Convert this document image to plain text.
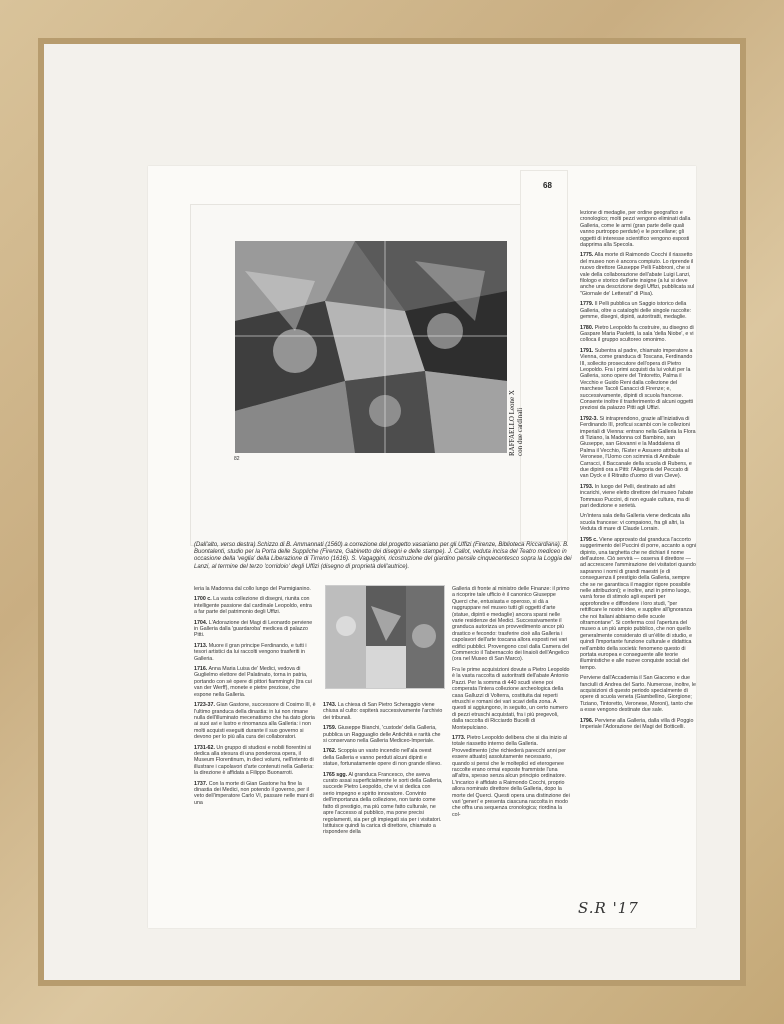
68
RAFFAELLO Leone X con due cardinali
82
(Dall'alto, verso destra) Schizzo di B. Ammannati (1560) a correzione del progetto vasariano per gli Uffizi (Firenze, Biblioteca Riccardiana). B. Buontalenti, studio per la Porta delle Suppliche (Firenze, Gabinetto dei disegni e delle stampe). J. Callot, veduta incisa del Teatro mediceo in occasione della 'veglia' della Liberazione di Tirreno (1616). S. Vagaggini, ricostruzione del giardino pensile cinquecentesco sopra la Loggia dei Lanzi, al termine del terzo 'corridoio' degli Uffizi (disegno di proprietà dell'autrice).

leria la Madonna dal collo lungo del Parmigianino.

1700 c. La vasta collezione di disegni, riunita con intelligente passione dal cardinale Leopoldo, entra a far parte del patrimonio degli Uffizi.

1704. L'Adorazione dei Magi di Leonardo perviene in Galleria dalla 'guardaroba' medicea di palazzo Pitti.

1713. Muore il gran principe Ferdinando, e tutti i tesori artistici da lui raccolti vengono trasferiti in Galleria.

1716. Anna Maria Luisa de' Medici, vedova di Guglielmo elettore del Palatinato, torna in patria, portando con sé opere di pittori fiamminghi (tra cui van der Werff), monete e pietre preziose, che espone nella Galleria.

1723-37. Gian Gastone, successore di Cosimo III, è l'ultimo granduca della dinastia: in lui non rimane nulla dell'illuminato mecenatismo che ha dato gloria ai suoi avi e lustro e rinomanza alla Galleria: i non molti acquisti eseguiti durante il suo governo si devono per lo più alla cura dei collaboratori.

1731-62. Un gruppo di studiosi e nobili fiorentini si dedica alla stesura di una ponderosa opera, il Museum Florentinum, in dieci volumi, nell'intento di illustrare i capolavori d'arte contenuti nella Galleria: la direzione è affidata a Filippo Buonarroti.

1737. Con la morte di Gian Gastone ha fine la dinastia dei Medici, non potendo il governo, per il veto dell'imperatore Carlo VI, passare nelle mani di una

1743. La chiesa di San Pietro Scheraggio viene chiusa al culto: ospiterà successivamente l'archivio dei tribunali.

1759. Giuseppe Bianchi, 'custode' della Galleria, pubblica un Ragguaglio delle Antichità e rarità che si conservano nella Galleria Mediceo-Imperiale.

1762. Scoppia un vasto incendio nell'ala ovest della Galleria e vanno perduti alcuni dipinti e statue, fortunatamente opere di non grande rilievo.

1765 sgg. Al granduca Francesco, che aveva curato assai superficialmente le sorti della Galleria, succede Pietro Leopoldo, che vi si dedica con serio impegno e spirito innovatore. Convinto dell'importanza della collezione, non tanto come fatto di prestigio, ma più come fatto culturale, ne apre l'accesso al pubblico, ma pone precisi regolamenti, sia per gli impiegati sia per i visitatori. Istituisce quindi la carica di direttore, chiamato a rispondere della

Galleria di fronte al ministro delle Finanze: il primo a ricoprire tale ufficio è il canonico Giuseppe Querci che, entusiasta e operoso, si dà a raggruppare nel museo tutti gli oggetti d'arte (statue, dipinti e medaglie) ancora sparsi nelle varie residenze dei Medici. Successivamente il granduca autorizza un provvedimento ancor più drastico e fecondo: trasferire cioè alla Galleria i capolavori dell'arte toscana allora esposti nei vari edifici pubblici. Provengono così dalla Camera del Commercio il Tabernacolo dei linaioli dell'Angelico (ora nel Museo di San Marco).

Fra le prime acquisizioni dovute a Pietro Leopoldo è la vasta raccolta di autoritratti dell'abate Antonio Pazzi. Per la somma di 440 scudi viene poi comperata l'intera collezione archeologica della casa Galluzzi di Volterra, costituita dai reperti etruschi e romani dei vari scavi della zona. A questi si aggiungono, in seguito, un certo numero di pezzi etruschi acquistati, fra i più pregevoli, dalla raccolta di Ricciardo Bucelli di Montepulciano.

1773. Pietro Leopoldo delibera che si dia inizio al totale riassetto interno della Galleria. Provvedimento (che richiederà parecchi anni per essere attuato) assolutamente necessario, quando si pensi che le molteplici ed eterogenee raccolte erano ormai esposte frammiste l'una all'altra, spesso senza alcun principio ordinatore. L'incarico è affidato a Raimondo Cocchi, proprio allora nominato direttore della Galleria, dopo la morte del Querci. Questi opera una distinzione dei vari 'generi' e presenta ciascuna raccolta in modo che offra una sequenza cronologica; riordina la col-

lezione di medaglie, per ordine geografico e cronologico; molti pezzi vengono eliminati dalla Galleria, come le armi (gran parte delle quali vanno purtroppo perdute) e le porcellane; gli oggetti di interesse scientifico vengono esposti dapprima alla Specola.

1775. Alla morte di Raimondo Cocchi il riassetto del museo non è ancora compiuto. Lo riprende il nuovo direttore Giuseppe Pelli Fabbroni, che si vale della collaborazione dell'abate Luigi Lanzi, filologo e storico dell'arte insigne (a lui si deve anche una descrizione degli Uffizi, pubblicata sul "Giornale de' Letterati" di Pisa).

1779. Il Pelli pubblica un Saggio istorico della Galleria, oltre a cataloghi delle singole raccolte: gemme, disegni, dipinti, autoritratti, medaglie.

1780. Pietro Leopoldo fa costruire, su disegno di Gaspare Maria Paoletti, la sala 'della Niobe', e vi colloca il gruppo scultoreo omonimo.

1791. Subentra al padre, chiamato imperatore a Vienna, come granduca di Toscana, Ferdinando III, sollecito prosecutore dell'opera di Pietro Leopoldo. Fra i primi acquisti da lui voluti per la Galleria, sono opere del Tintoretto, Palma il Vecchio e Guido Reni dalla collezione del marchese Tacoli Canacci di Firenze; e, successivamente, dipinti di scuola francese. Consente inoltre il trasferimento di alcuni oggetti preziosi da palazzo Pitti agli Uffizi.

1792-3. Si intraprendono, grazie all'iniziativa di Ferdinando III, proficui scambi con le collezioni imperiali di Vienna: entrano nella Galleria la Flora di Tiziano, la Madonna col Bambino, san Giuseppe, san Giovanni e la Maddalena di Palma il Vecchio, l'Ester e Assuero attribuita al Veronese, l'Uomo con scimmia di Annibale Carracci, il Baccanale della scuola di Rubens, e due dipinti ora a Pitti: l'Allegoria del Peccato di van Dyck e il Ritratto d'uomo di van Cleve).

1793. In luogo del Pelli, destinato ad altri incarichi, viene eletto direttore del museo l'abate Tommaso Puccini, di non eguale cultura, ma di pari dedizione e serietà.

Un'intera sala della Galleria viene dedicata alla scuola francese: vi compaiono, fra gli altri, la Veduta di mare di Claude Lorrain.

1795 c. Viene approvato dal granduca l'accorto suggerimento del Puccini di porre, accanto a ogni dipinto, una targhetta che ne dichiari il nome dell'autore. Ciò servirà — osserva il direttore — ad accrescere l'ammirazione dei visitatori quando sapranno i nomi di grandi maestri (e di conseguenza il prestigio della Galleria, sempre che se ne garantisca il maggior rigore possibile nelle attribuzioni); e inoltre, anzi in primo luogo, varrà forse di stimolo agli esperti per approfondire e diffondere i loro studi, "per rettificare le nostre idee, e supplire all'ignoranza che noi Italiani abbiamo delle scuole oltramontane". Si conferma così l'apertura del museo a un più ampio pubblico, che non quello generalmente considerato di un'élite di studio, e quindi l'importante funzione culturale e didattica nell'ambito della società: fenomeno questo di portata europea e conseguente alle teorie illuministiche e alle nuove conquiste sociali del tempo.

Perviene dall'Accademia il San Giacomo e due fanciulli di Andrea del Sarto. Numerose, inoltre, le acquisizioni di questo periodo specialmente di opere di scuola veneta (Giambellino, Giorgione; Tiziano, Tintoretto, Veronese, Moroni), tanto che a esse vengono destinate due sale.

1796. Perviene alla Galleria, dalla villa di Poggio Imperiale l'Adorazione dei Magi del Botticelli.

S.R '17
